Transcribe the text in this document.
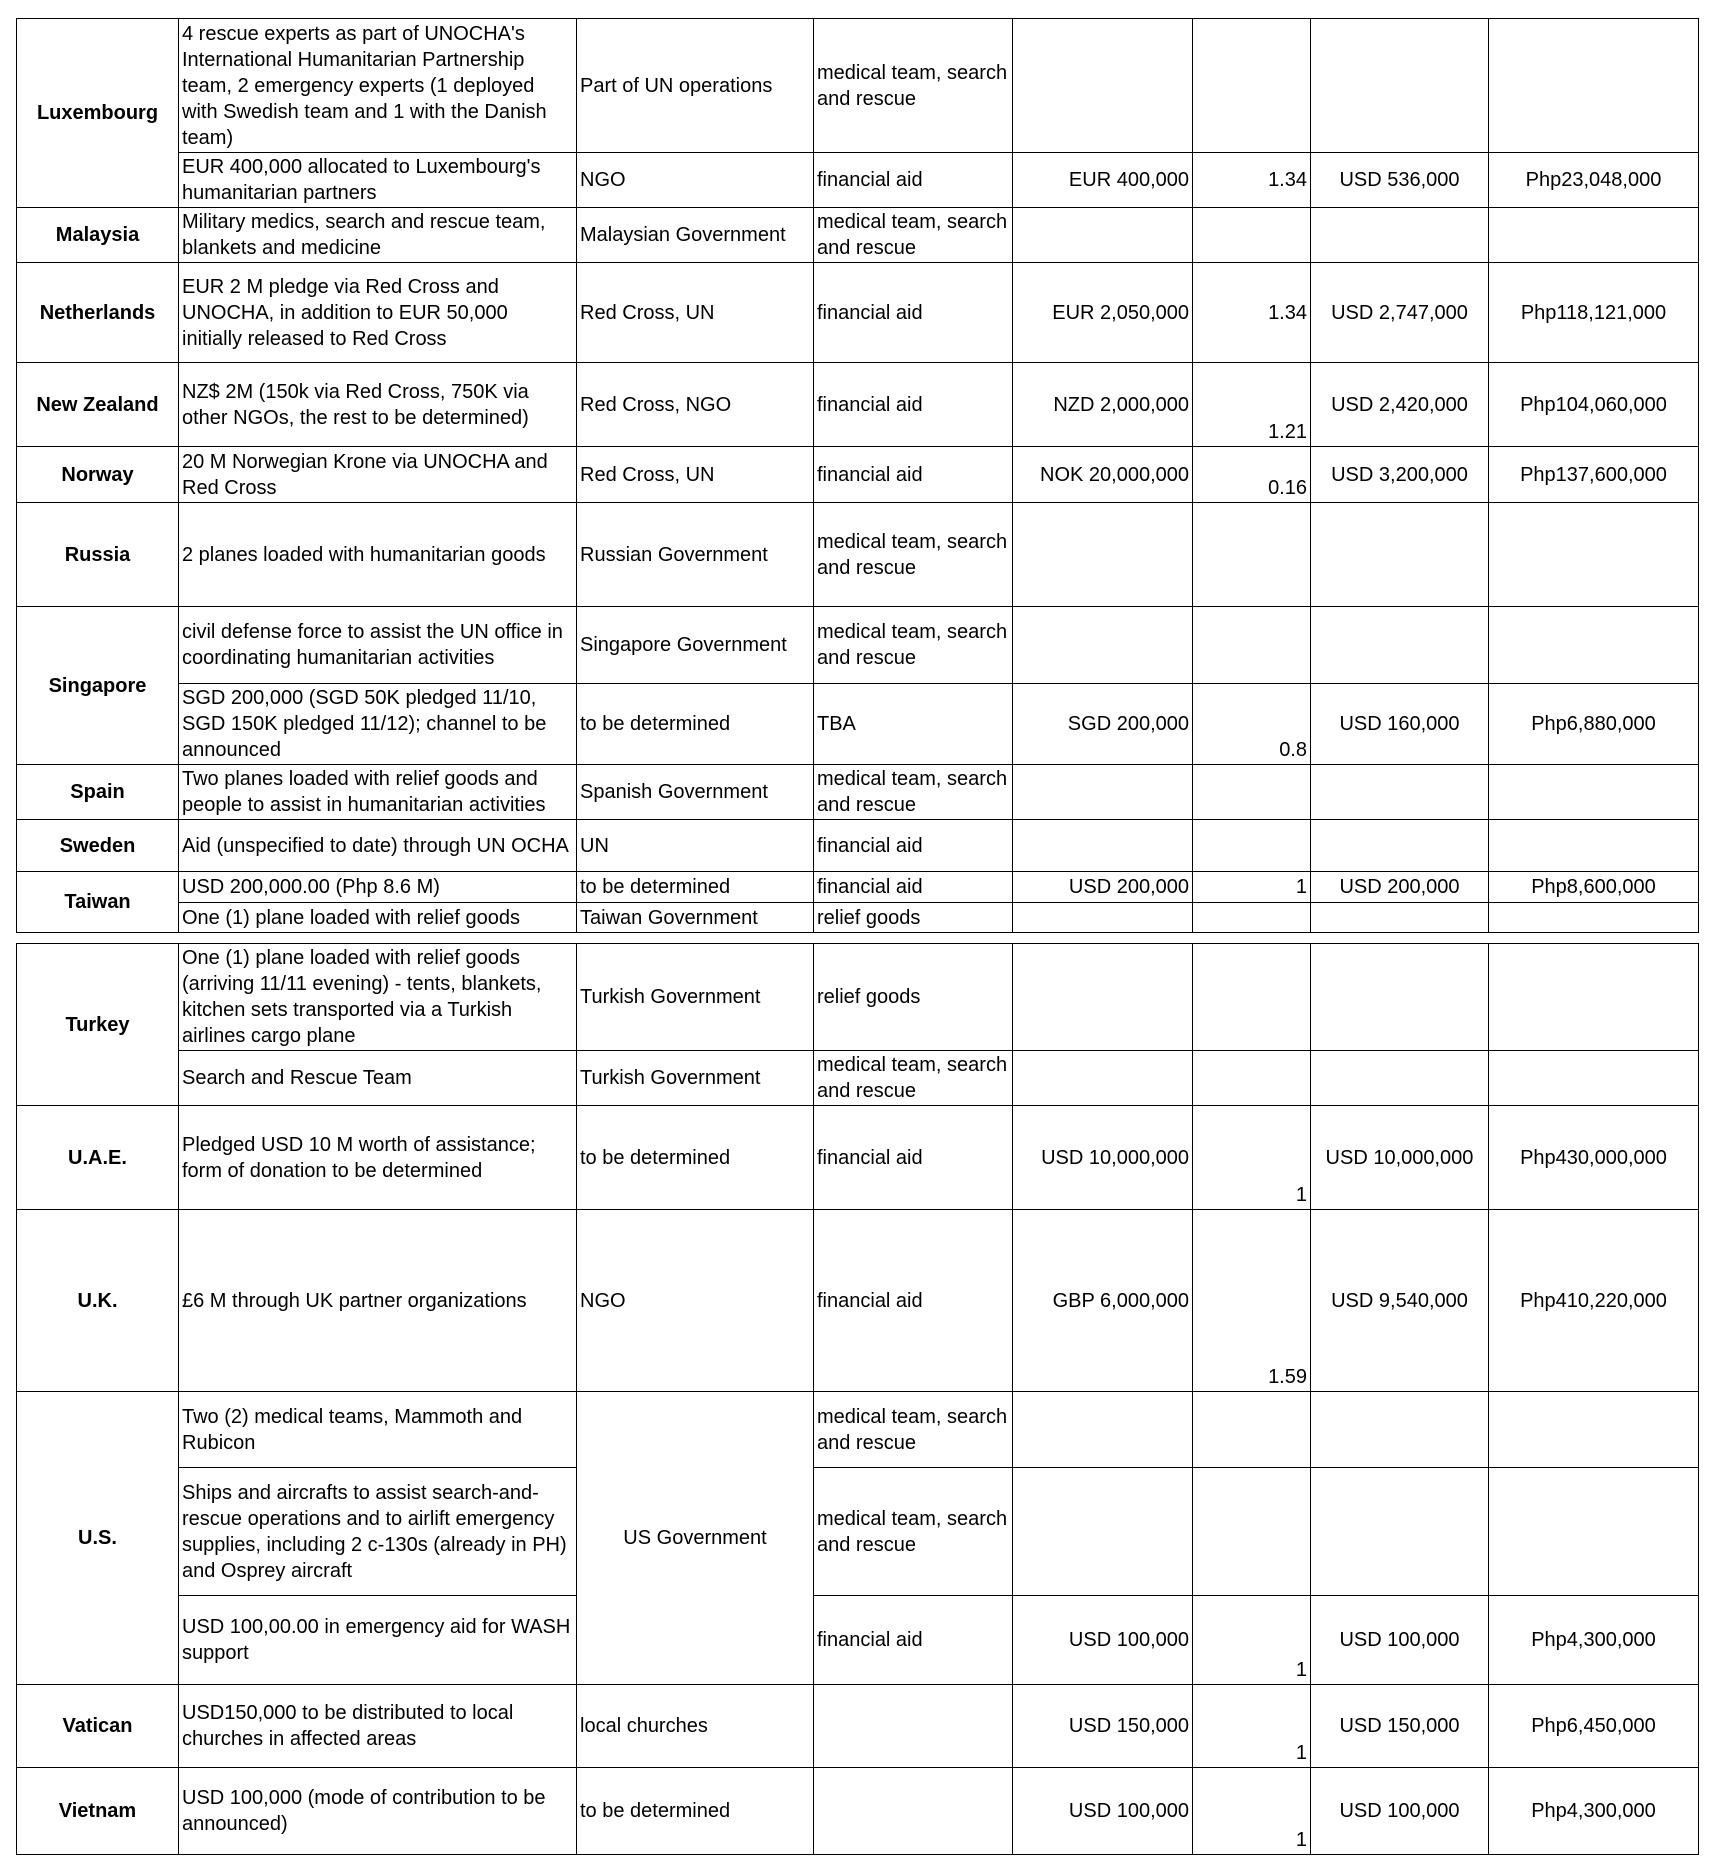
Luxembourg	4 rescue experts as part of UNOCHA's International Humanitarian Partnership team, 2 emergency experts (1 deployed with Swedish team and 1 with the Danish team)	Part of UN operations	medical team, search and rescue				
	EUR 400,000 allocated to Luxembourg's humanitarian partners	NGO	financial aid	EUR 400,000	1.34	USD 536,000	Php23,048,000
Malaysia	Military medics, search and rescue team, blankets and medicine	Malaysian Government	medical team, search and rescue				
Netherlands	EUR 2 M pledge via Red Cross and UNOCHA, in addition to EUR 50,000 initially released to Red Cross	Red Cross, UN	financial aid	EUR 2,050,000	1.34	USD 2,747,000	Php118,121,000
New Zealand	NZ$ 2M (150k via Red Cross, 750K via other NGOs, the rest to be determined)	Red Cross, NGO	financial aid	NZD 2,000,000	1.21	USD 2,420,000	Php104,060,000
Norway	20 M Norwegian Krone via UNOCHA and Red Cross	Red Cross, UN	financial aid	NOK 20,000,000	0.16	USD 3,200,000	Php137,600,000
Russia	2 planes loaded with humanitarian goods	Russian Government	medical team, search and rescue				
Singapore	civil defense force to assist the UN office in coordinating humanitarian activities	Singapore Government	medical team, search and rescue				
	SGD 200,000 (SGD 50K pledged 11/10, SGD 150K pledged 11/12); channel to be announced	to be determined	TBA	SGD 200,000	0.8	USD 160,000	Php6,880,000
Spain	Two planes loaded with relief goods and people to assist in humanitarian activities	Spanish Government	medical team, search and rescue				
Sweden	Aid (unspecified to date) through UN OCHA	UN	financial aid				
Taiwan	USD 200,000.00 (Php 8.6 M)	to be determined	financial aid	USD 200,000	1	USD 200,000	Php8,600,000
	One (1) plane loaded with relief goods	Taiwan Government	relief goods				
Turkey	One (1) plane loaded with relief goods (arriving 11/11 evening) - tents, blankets, kitchen sets transported via a Turkish airlines cargo plane	Turkish Government	relief goods				
	Search and Rescue Team	Turkish Government	medical team, search and rescue				
U.A.E.	Pledged USD 10 M worth of assistance; form of donation to be determined	to be determined	financial aid	USD 10,000,000	1	USD 10,000,000	Php430,000,000
U.K.	£6 M through UK partner organizations	NGO	financial aid	GBP 6,000,000	1.59	USD 9,540,000	Php410,220,000
U.S.	Two (2) medical teams, Mammoth and Rubicon	US Government	medical team, search and rescue				
	Ships and aircrafts to assist search-and-rescue operations and to airlift emergency supplies, including 2 c-130s (already in PH) and Osprey aircraft		medical team, search and rescue				
	USD 100,00.00 in emergency aid for WASH support		financial aid	USD 100,000	1	USD 100,000	Php4,300,000
Vatican	USD150,000 to be distributed to local churches in affected areas	local churches		USD 150,000	1	USD 150,000	Php6,450,000
Vietnam	USD 100,000 (mode of contribution to be announced)	to be determined		USD 100,000	1	USD 100,000	Php4,300,000
